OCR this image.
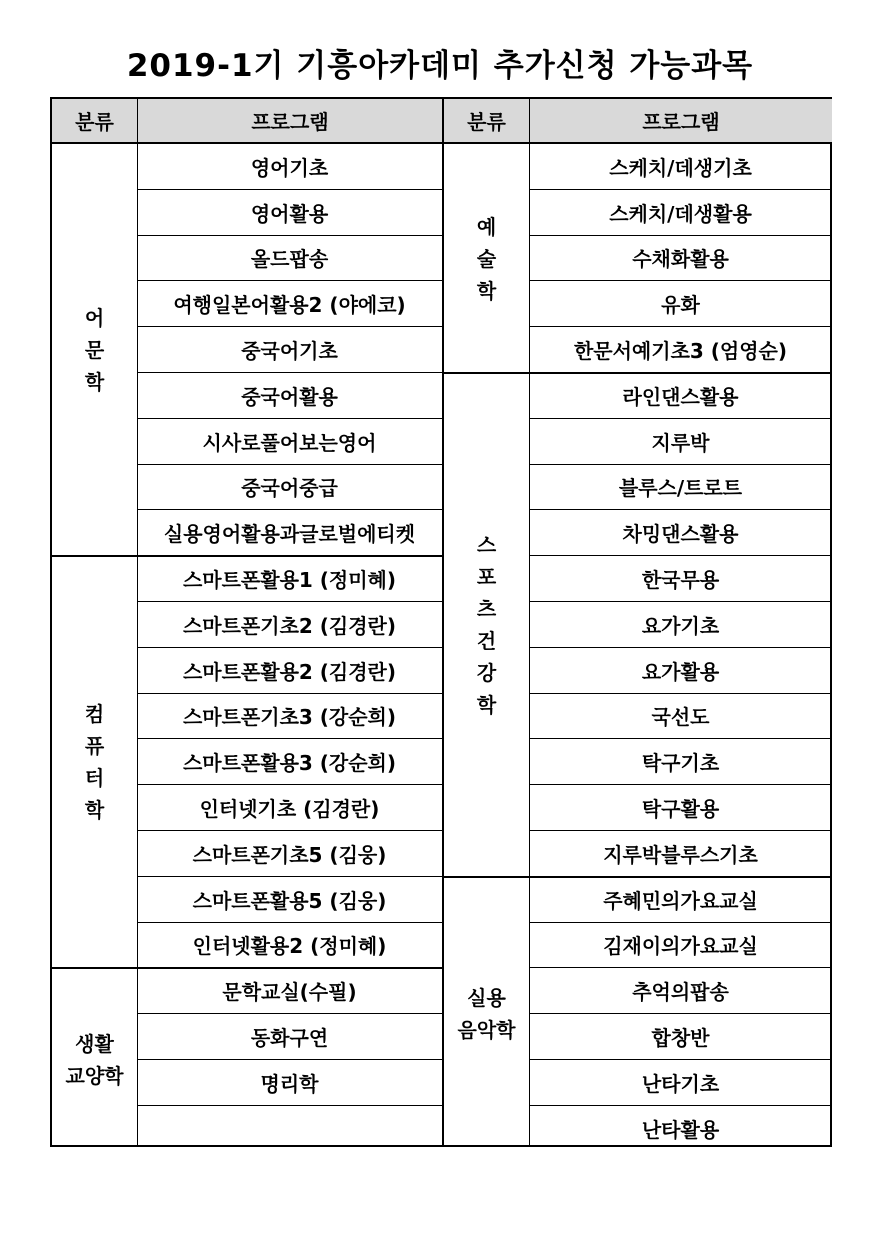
2019-1기 기흥아카데미 추가신청 가능과목
분류	프로그램
어
문
학
영어기초
영어활용
올드팝송
여행일본어활용2 (야에코)
중국어기초
중국어활용
시사로풀어보는영어
중국어중급
실용영어활용과글로벌에티켓
컴
퓨
터
학
스마트폰활용1 (정미혜)
스마트폰기초2 (김경란)
스마트폰활용2 (김경란)
스마트폰기초3 (강순희)
스마트폰활용3 (강순희)
인터넷기초 (김경란)
스마트폰기초5 (김웅)
스마트폰활용5 (김웅)
인터넷활용2 (정미혜)
생활
교양학
문학교실(수필)
동화구연
명리학
분류	프로그램
예
술
학
스케치/데생기초
스케치/데생활용
수채화활용
유화
한문서예기초3 (엄영순)
스
포
츠
건
강
학
라인댄스활용
지루박
블루스/트로트
차밍댄스활용
한국무용
요가기초
요가활용
국선도
탁구기초
탁구활용
지루박블루스기초
실용
음악학
주혜민의가요교실
김재이의가요교실
추억의팝송
합창반
난타기초
난타활용
